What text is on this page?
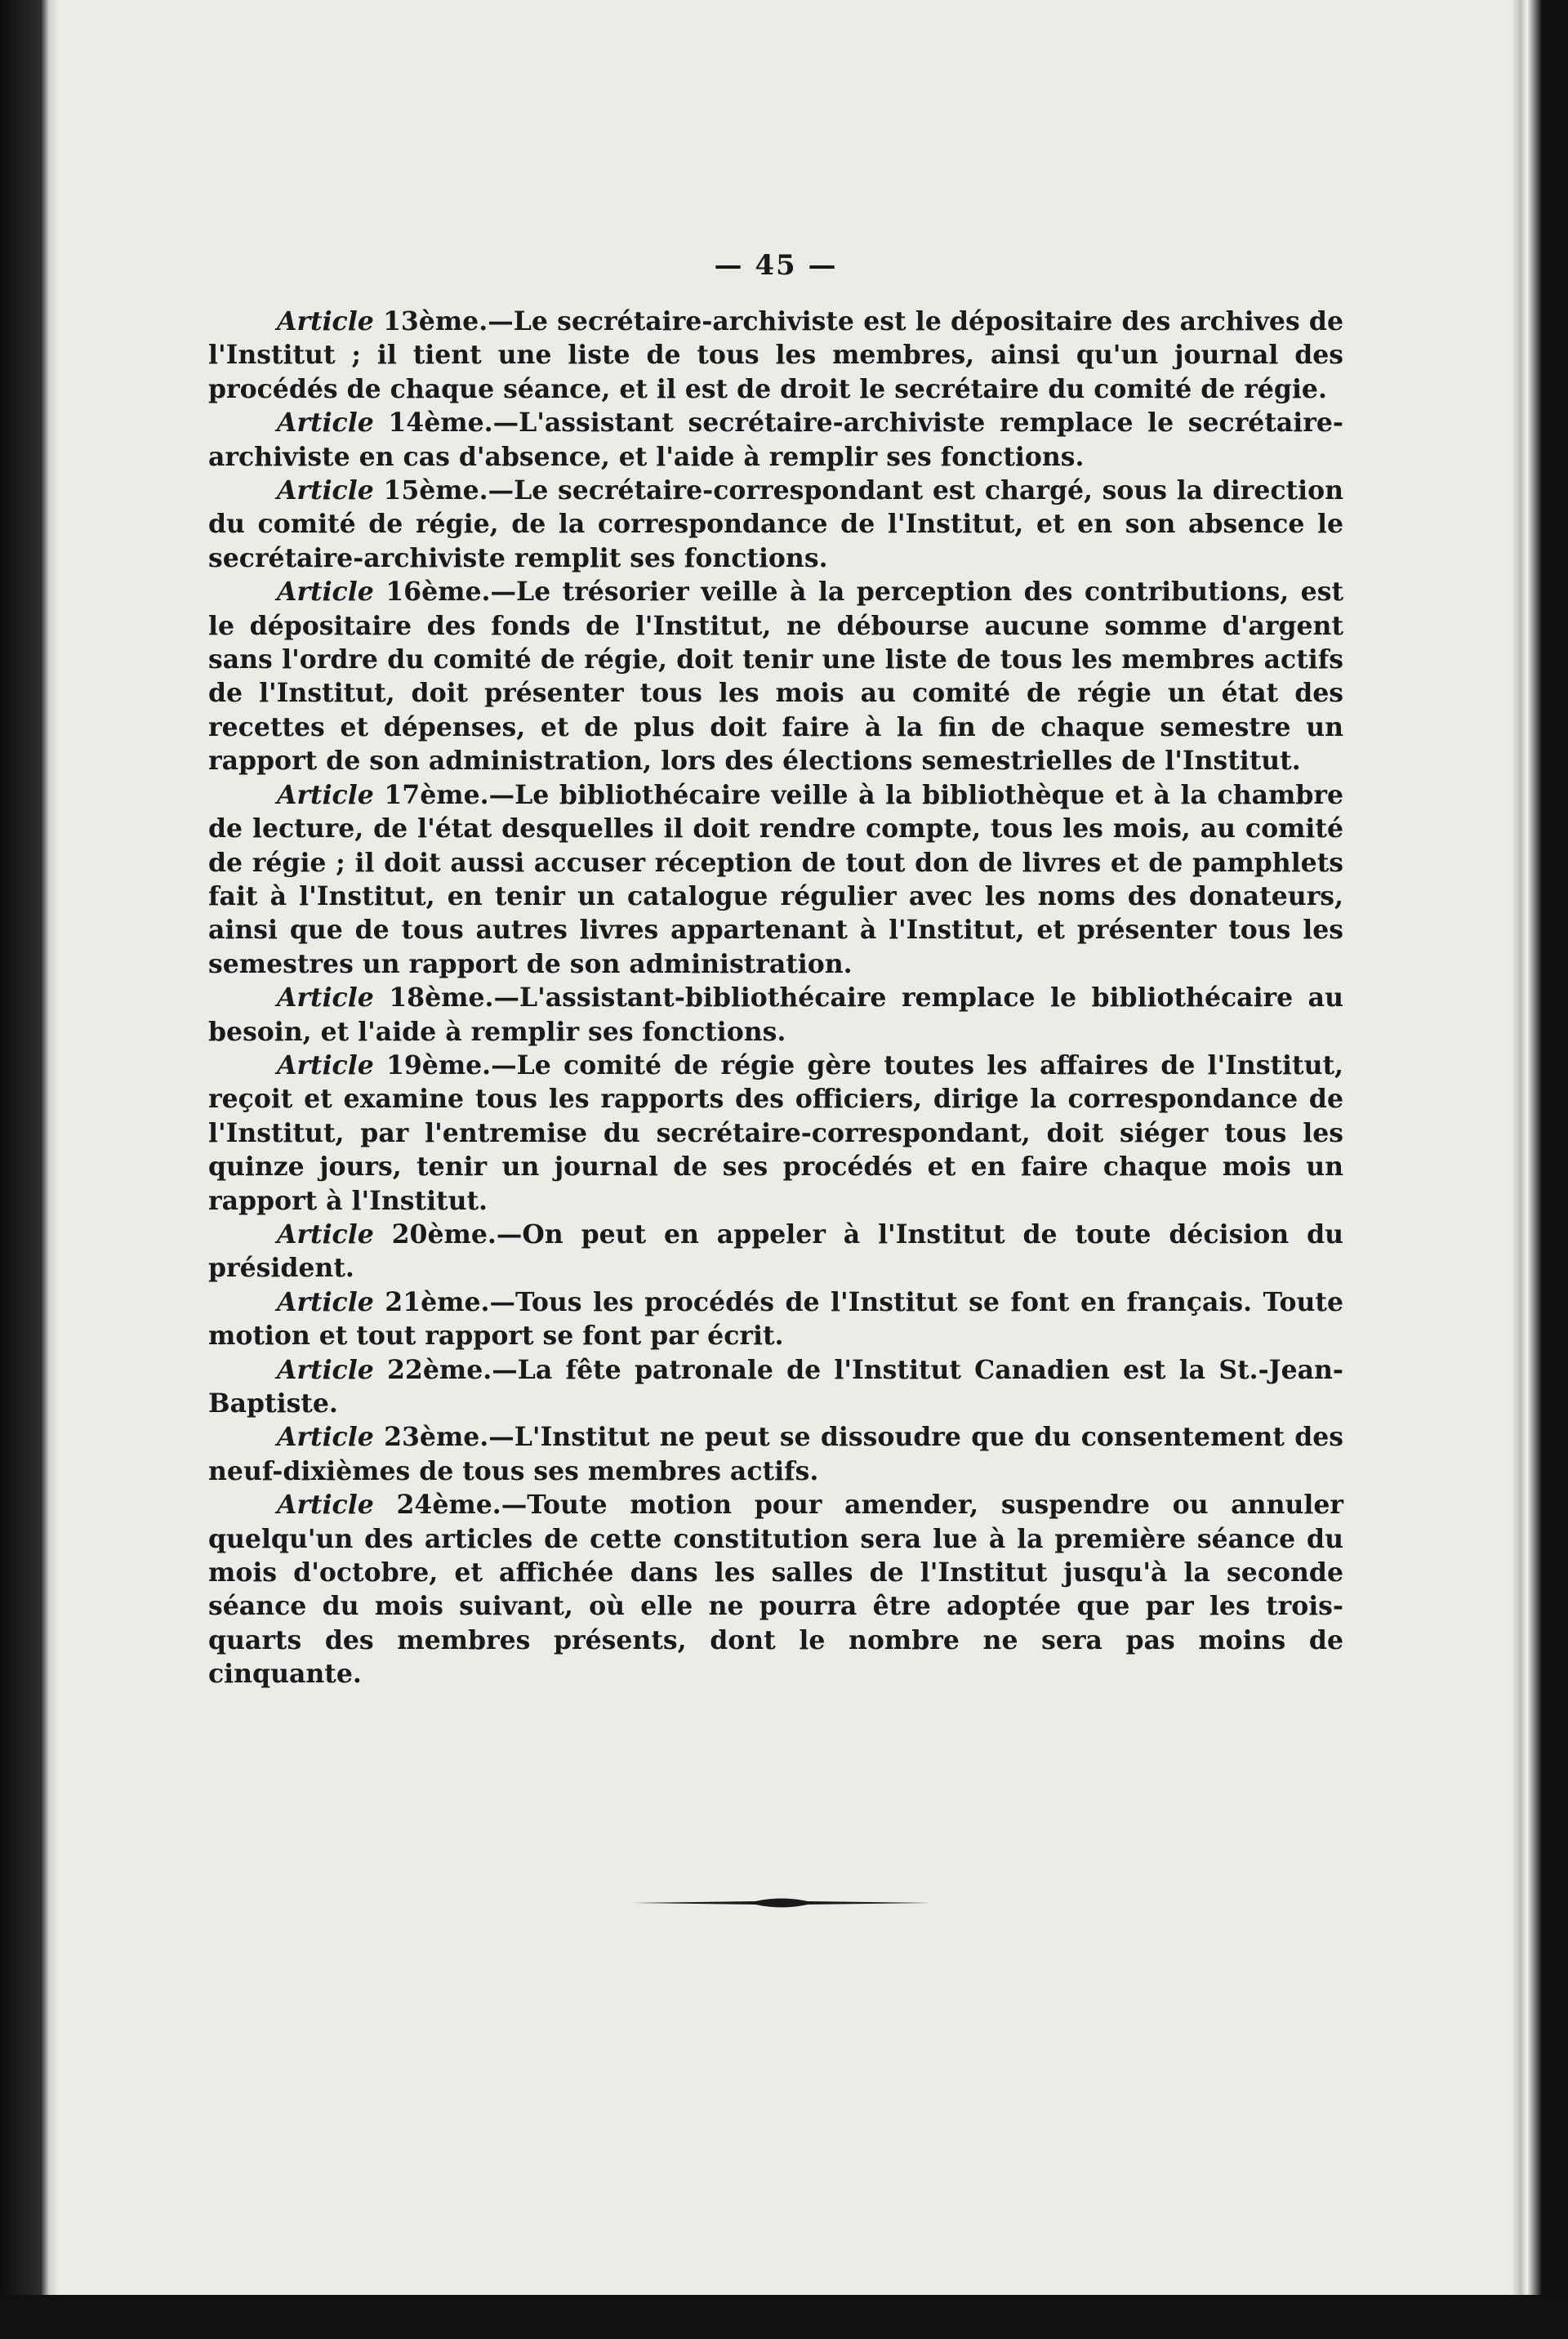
— 45 —

Article 13ème.—Le secrétaire-archiviste est le dépositaire des archives de l'Institut ; il tient une liste de tous les membres, ainsi qu'un journal des procédés de chaque séance, et il est de droit le secrétaire du comité de régie.

Article 14ème.—L'assistant secrétaire-archiviste remplace le secrétaire-archiviste en cas d'absence, et l'aide à remplir ses fonctions.

Article 15ème.—Le secrétaire-correspondant est chargé, sous la direction du comité de régie, de la correspondance de l'Institut, et en son absence le secrétaire-archiviste remplit ses fonctions.

Article 16ème.—Le trésorier veille à la perception des contributions, est le dépositaire des fonds de l'Institut, ne débourse aucune somme d'argent sans l'ordre du comité de régie, doit tenir une liste de tous les membres actifs de l'Institut, doit présenter tous les mois au comité de régie un état des recettes et dépenses, et de plus doit faire à la fin de chaque semestre un rapport de son administration, lors des élections semestrielles de l'Institut.

Article 17ème.—Le bibliothécaire veille à la bibliothèque et à la chambre de lecture, de l'état desquelles il doit rendre compte, tous les mois, au comité de régie ; il doit aussi accuser réception de tout don de livres et de pamphlets fait à l'Institut, en tenir un catalogue régulier avec les noms des donateurs, ainsi que de tous autres livres appartenant à l'Institut, et présenter tous les semestres un rapport de son administration.

Article 18ème.—L'assistant-bibliothécaire remplace le bibliothécaire au besoin, et l'aide à remplir ses fonctions.

Article 19ème.—Le comité de régie gère toutes les affaires de l'Institut, reçoit et examine tous les rapports des officiers, dirige la correspondance de l'Institut, par l'entremise du secrétaire-correspondant, doit siéger tous les quinze jours, tenir un journal de ses procédés et en faire chaque mois un rapport à l'Institut.

Article 20ème.—On peut en appeler à l'Institut de toute décision du président.

Article 21ème.—Tous les procédés de l'Institut se font en français. Toute motion et tout rapport se font par écrit.

Article 22ème.—La fête patronale de l'Institut Canadien est la St.-Jean-Baptiste.

Article 23ème.—L'Institut ne peut se dissoudre que du consentement des neuf-dixièmes de tous ses membres actifs.

Article 24ème.—Toute motion pour amender, suspendre ou annuler quelqu'un des articles de cette constitution sera lue à la première séance du mois d'octobre, et affichée dans les salles de l'Institut jusqu'à la seconde séance du mois suivant, où elle ne pourra être adoptée que par les trois-quarts des membres présents, dont le nombre ne sera pas moins de cinquante.
